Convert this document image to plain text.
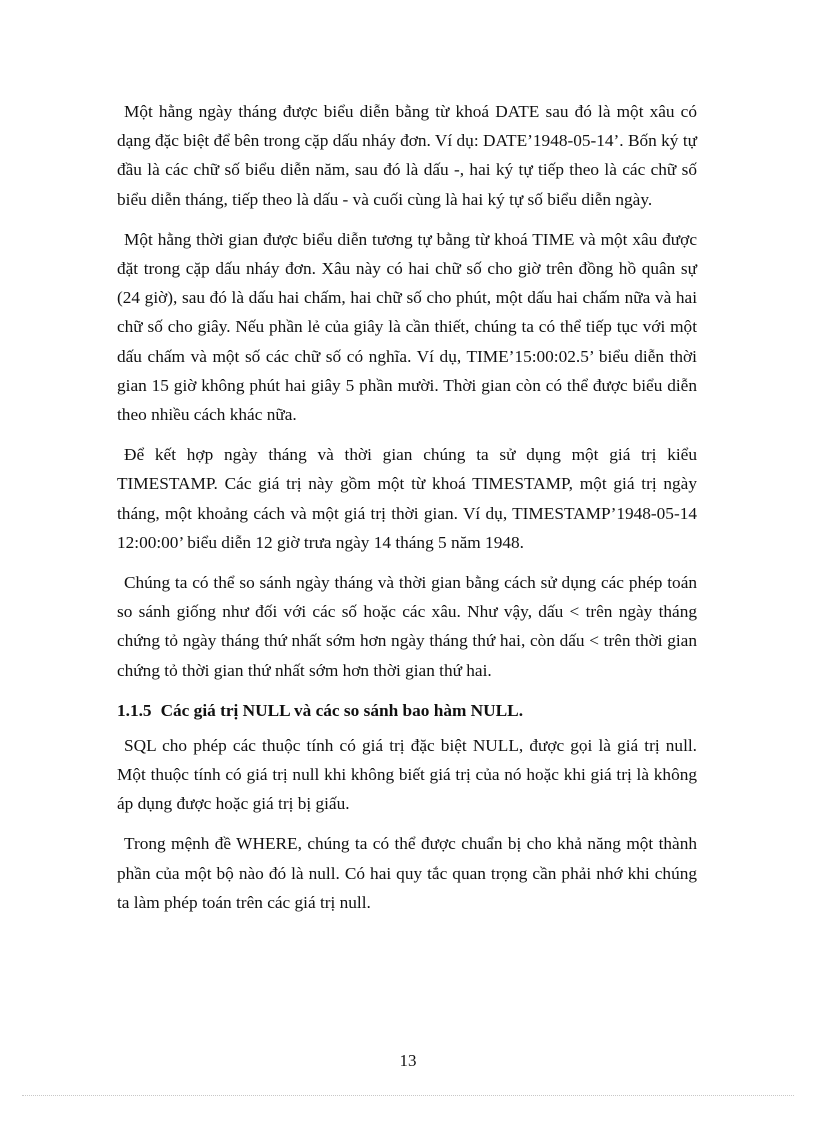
Một hằng ngày tháng được biểu diễn bằng từ khoá DATE sau đó là một xâu có dạng đặc biệt để bên trong cặp dấu nháy đơn. Ví dụ: DATE’1948-05-14’. Bốn ký tự đầu là các chữ số biểu diễn năm, sau đó là dấu -, hai ký tự tiếp theo là các chữ số biểu diễn tháng, tiếp theo là dấu - và cuối cùng là hai ký tự số biểu diễn ngày.

Một hằng thời gian được biểu diễn tương tự bằng từ khoá TIME và một xâu được đặt trong cặp dấu nháy đơn. Xâu này có hai chữ số cho giờ trên đồng hồ quân sự (24 giờ), sau đó là dấu hai chấm, hai chữ số cho phút, một dấu hai chấm nữa và hai chữ số cho giây. Nếu phần lẻ của giây là cần thiết, chúng ta có thể tiếp tục với một dấu chấm và một số các chữ số có nghĩa. Ví dụ, TIME’15:00:02.5’ biểu diễn thời gian 15 giờ không phút hai giây 5 phần mười. Thời gian còn có thể được biểu diễn theo nhiều cách khác nữa.

Để kết hợp ngày tháng và thời gian chúng ta sử dụng một giá trị kiểu TIMESTAMP. Các giá trị này gồm một từ khoá TIMESTAMP, một giá trị ngày tháng, một khoảng cách và một giá trị thời gian. Ví dụ, TIMESTAMP’1948-05-14 12:00:00’ biểu diễn 12 giờ trưa ngày 14 tháng 5 năm 1948.

Chúng ta có thể so sánh ngày tháng và thời gian bằng cách sử dụng các phép toán so sánh giống như đối với các số hoặc các xâu. Như vậy, dấu < trên ngày tháng chứng tỏ ngày tháng thứ nhất sớm hơn ngày tháng thứ hai, còn dấu < trên thời gian chứng tỏ thời gian thứ nhất sớm hơn thời gian thứ hai.

1.1.5 Các giá trị NULL và các so sánh bao hàm NULL.

SQL cho phép các thuộc tính có giá trị đặc biệt NULL, được gọi là giá trị null. Một thuộc tính có giá trị null khi không biết giá trị của nó hoặc khi giá trị là không áp dụng được hoặc giá trị bị giấu.

Trong mệnh đề WHERE, chúng ta có thể được chuẩn bị cho khả năng một thành phần của một bộ nào đó là null. Có hai quy tắc quan trọng cần phải nhớ khi chúng ta làm phép toán trên các giá trị null.

13
